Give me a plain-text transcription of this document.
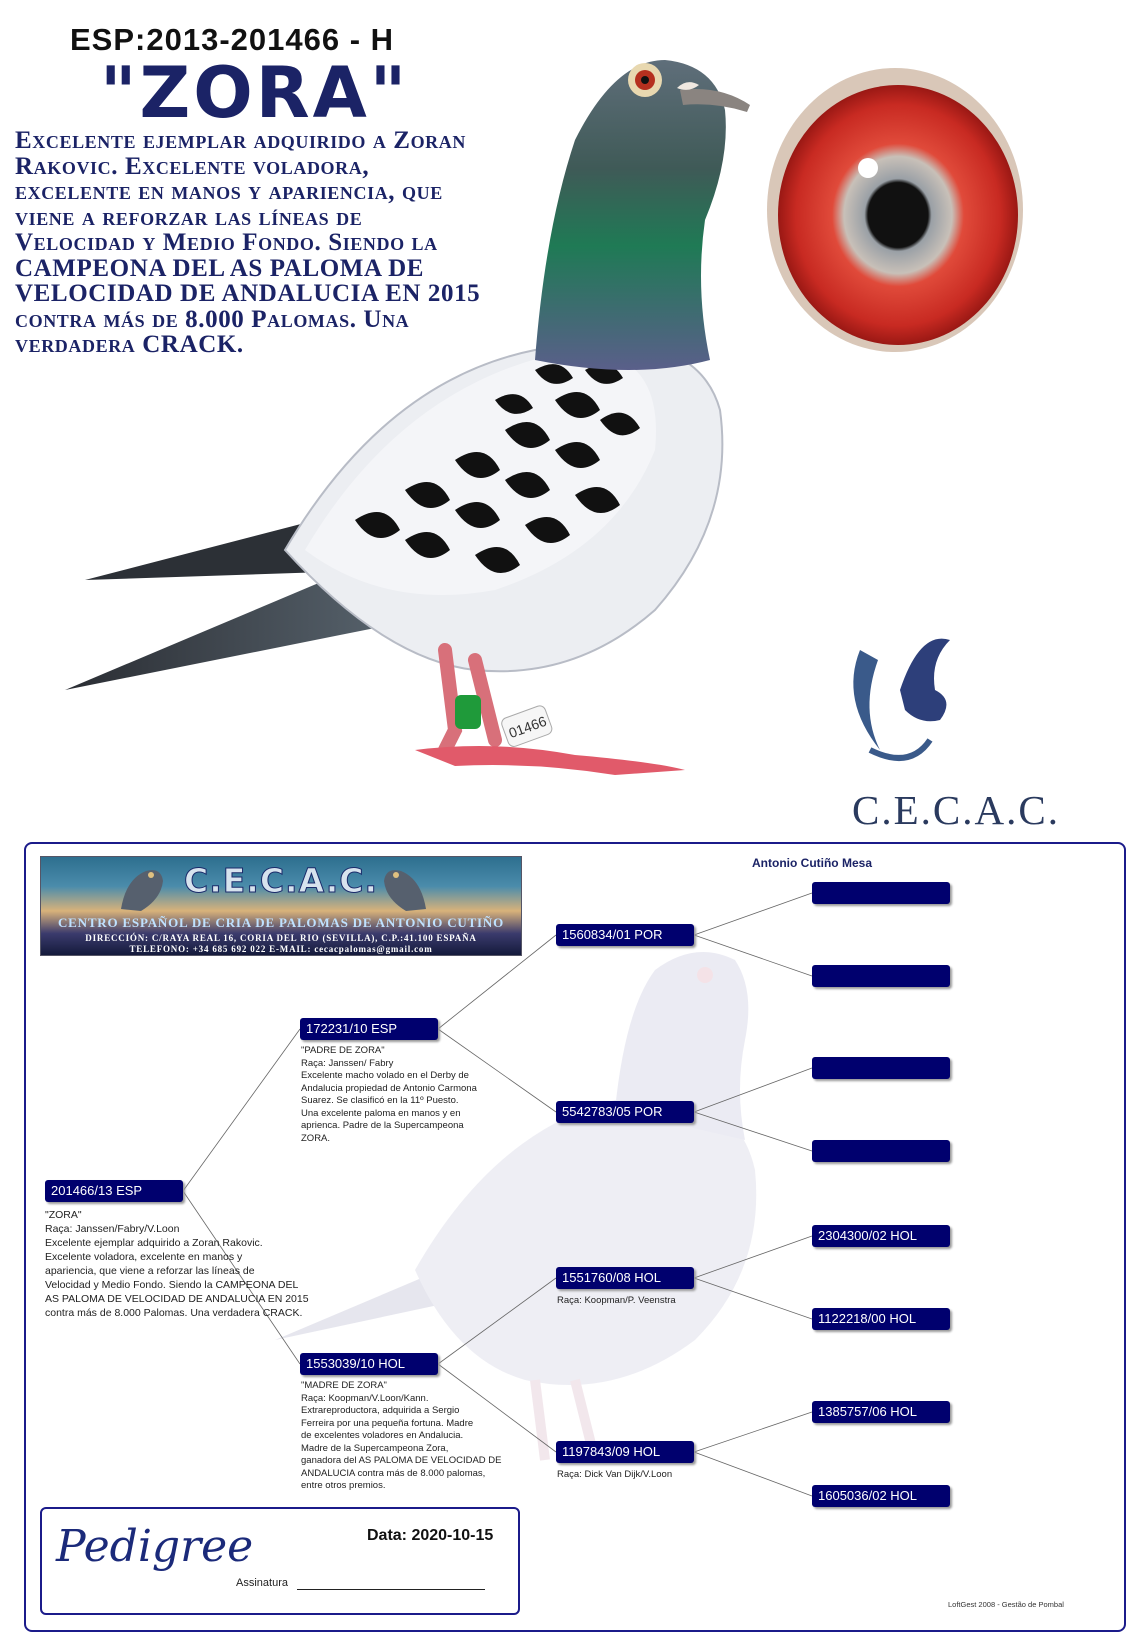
ESP:2013-201466 - H
"ZORA"
Excelente ejemplar adquirido a Zoran
Rakovic. Excelente voladora,
excelente en manos y apariencia, que
viene a reforzar las líneas de
Velocidad y Medio Fondo. Siendo la
CAMPEONA DEL AS PALOMA DE
VELOCIDAD DE ANDALUCIA EN 2015
contra más de 8.000 Palomas. Una
verdadera CRACK.
01466
C.E.C.A.C.
C.E.C.A.C.
CENTRO ESPAÑOL DE CRIA DE PALOMAS DE ANTONIO CUTIÑO
DIRECCIÓN: C/RAYA REAL 16, CORIA DEL RIO (SEVILLA), C.P.:41.100 ESPAÑA
TELEFONO: +34 685 692 022 E-MAIL: cecacpalomas@gmail.com
Antonio Cutiño Mesa
201466/13 ESP
"ZORA"
Raça: Janssen/Fabry/V.Loon
Excelente ejemplar adquirido a Zoran Rakovic.
Excelente voladora, excelente en manos y
apariencia, que viene a reforzar las líneas de
Velocidad y Medio Fondo. Siendo la CAMPEONA DEL
AS PALOMA DE VELOCIDAD DE ANDALUCIA EN 2015
contra más de 8.000 Palomas. Una verdadera CRACK.
172231/10 ESP
"PADRE DE ZORA"
Raça: Janssen/ Fabry
Excelente macho volado en el Derby de
Andalucia propiedad de Antonio Carmona
Suarez. Se clasificó en la 11º Puesto.
Una excelente paloma en manos y en
aprienca. Padre de la Supercampeona
ZORA.
1553039/10 HOL
"MADRE DE ZORA"
Raça: Koopman/V.Loon/Kann.
Extrareproductora, adquirida a Sergio
Ferreira por una pequeña fortuna. Madre
de excelentes voladores en Andalucia.
Madre de la Supercampeona Zora,
ganadora del AS PALOMA DE VELOCIDAD DE
ANDALUCIA contra más de 8.000 palomas,
entre otros premios.
1560834/01 POR
5542783/05 POR
1551760/08 HOL
Raça: Koopman/P. Veenstra
1197843/09 HOL
Raça: Dick Van Dijk/V.Loon
2304300/02 HOL
1122218/00 HOL
1385757/06 HOL
1605036/02 HOL
Pedigree	Data: 2020-10-15
Assinatura
LoftGest 2008 - Gestão de Pombal
